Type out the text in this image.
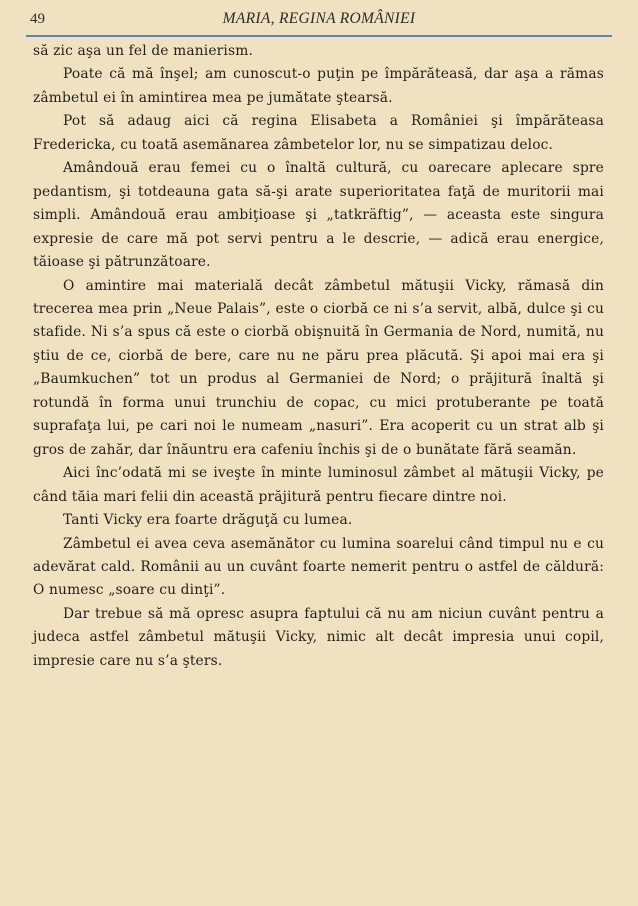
49	MARIA, REGINA ROMÂNIEI

să zic aşa un fel de manierism.

Poate că mă înşel; am cunoscut-o puţin pe împărăteasă, dar aşa a rămas zâmbetul ei în amintirea mea pe jumătate ştearsă.

Pot să adaug aici că regina Elisabeta a României şi împărăteasa Fredericka, cu toată asemănarea zâmbetelor lor, nu se simpatizau deloc.

Amândouă erau femei cu o înaltă cultură, cu oarecare aplecare spre pedantism, şi totdeauna gata să-şi arate superioritatea faţă de muritorii mai simpli. Amândouă erau ambiţioase şi „tatkräftig”, — aceasta este singura expresie de care mă pot servi pentru a le descrie, — adică erau energice, tăioase şi pătrunzătoare.

O amintire mai materială decât zâmbetul mătuşii Vicky, rămasă din trecerea mea prin „Neue Palais”, este o ciorbă ce ni s’a servit, albă, dulce şi cu stafide. Ni s’a spus că este o ciorbă obişnuită în Germania de Nord, numită, nu ştiu de ce, ciorbă de bere, care nu ne păru prea plăcută. Şi apoi mai era şi „Baumkuchen” tot un produs al Germaniei de Nord; o prăjitură înaltă şi rotundă în forma unui trunchiu de copac, cu mici protuberante pe toată suprafaţa lui, pe cari noi le numeam „nasuri”. Era acoperit cu un strat alb şi gros de zahăr, dar înăuntru era cafeniu închis şi de o bunătate fără seamăn.

Aici înc’odată mi se iveşte în minte luminosul zâmbet al mătuşii Vicky, pe când tăia mari felii din această prăjitură pentru fiecare dintre noi.

Tanti Vicky era foarte drăguţă cu lumea.

Zâmbetul ei avea ceva asemănător cu lumina soarelui când timpul nu e cu adevărat cald. Românii au un cuvânt foarte nemerit pentru o astfel de căldură: O numesc „soare cu dinţi”.

Dar trebue să mă opresc asupra faptului că nu am niciun cuvânt pentru a judeca astfel zâmbetul mătuşii Vicky, nimic alt decât impresia unui copil, impresie care nu s’a şters.
